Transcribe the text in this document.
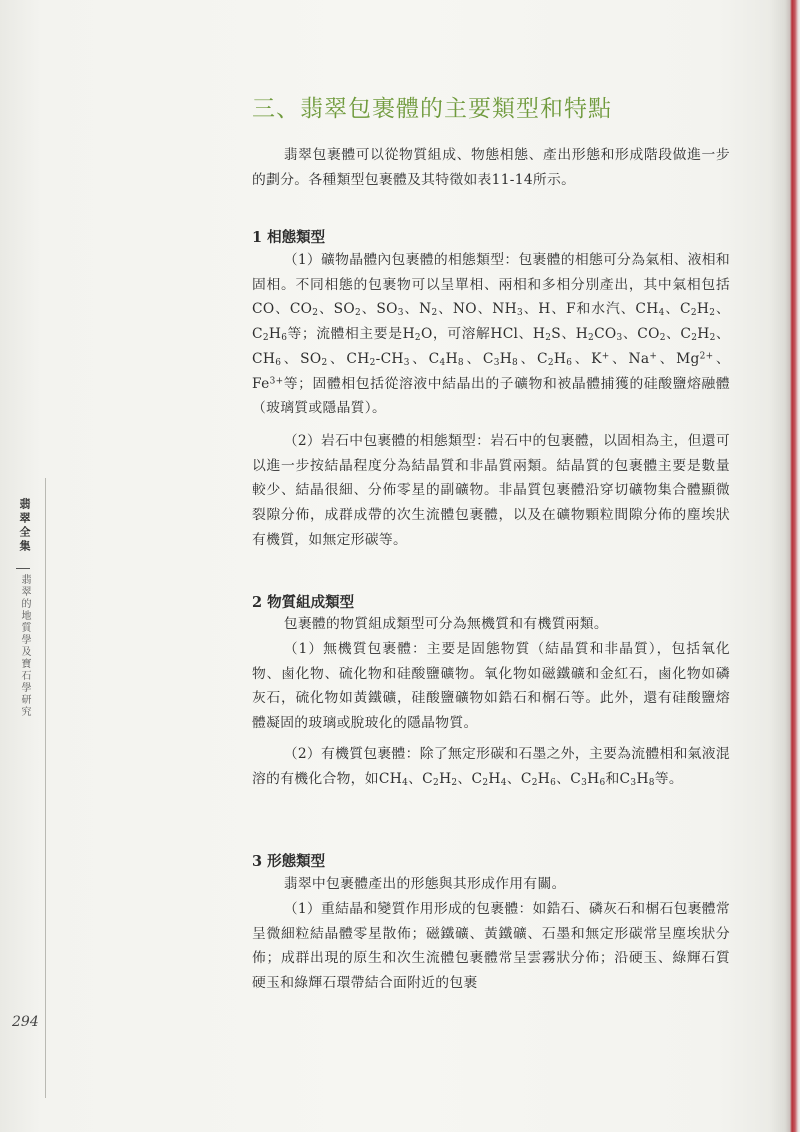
翡翠全集
翡翠的地質學及寶石學研究
294
三、翡翠包裹體的主要類型和特點

翡翠包裹體可以從物質組成、物態相態、產出形態和形成階段做進一步的劃分。各種類型包裹體及其特徵如表11-14所示。

1 相態類型

（1）礦物晶體內包裹體的相態類型：包裹體的相態可分為氣相、液相和固相。不同相態的包裹物可以呈單相、兩相和多相分別產出，其中氣相包括CO、$CO_2$、$SO_2$、$SO_3$、$N_2$、NO、$NH_3$、H、F和水汽、$CH_4$、$C_2H_2$、$C_2H_6$等；流體相主要是$H_2O$，可溶解HCl、$H_2S$、$H_2CO_3$、$CO_2$、$C_2H_2$、$CH_6$、$SO_2$、$CH_2-CH_3$、$C_4H_8$、$C_3H_8$、$C_2H_6$、K+、Na+、$Mg^{2+}$、$Fe^{3+}$等；固體相包括從溶液中結晶出的子礦物和被晶體捕獲的硅酸鹽熔融體（玻璃質或隱晶質）。

（2）岩石中包裹體的相態類型：岩石中的包裹體，以固相為主，但還可以進一步按結晶程度分為結晶質和非晶質兩類。結晶質的包裹體主要是數量較少、結晶很細、分佈零星的副礦物。非晶質包裹體沿穿切礦物集合體顯微裂隙分佈，成群成帶的次生流體包裹體，以及在礦物顆粒間隙分佈的塵埃狀有機質，如無定形碳等。

2 物質組成類型

包裹體的物質組成類型可分為無機質和有機質兩類。

（1）無機質包裹體：主要是固態物質（結晶質和非晶質），包括氧化物、鹵化物、硫化物和硅酸鹽礦物。氧化物如磁鐵礦和金紅石，鹵化物如磷灰石，硫化物如黃鐵礦，硅酸鹽礦物如鋯石和榍石等。此外，還有硅酸鹽熔體凝固的玻璃或脫玻化的隱晶物質。

（2）有機質包裹體：除了無定形碳和石墨之外，主要為流體相和氣液混溶的有機化合物，如$CH_4$、$C_2H_2$、$C_2H_4$、$C_2H_6$、$C_3H_6$和$C_3H_8$等。

3 形態類型

翡翠中包裹體產出的形態與其形成作用有關。

（1）重結晶和變質作用形成的包裹體：如鋯石、磷灰石和榍石包裹體常呈微細粒結晶體零星散佈；磁鐵礦、黃鐵礦、石墨和無定形碳常呈塵埃狀分佈；成群出現的原生和次生流體包裹體常呈雲霧狀分佈；沿硬玉、綠輝石質硬玉和綠輝石環帶結合面附近的包裹
